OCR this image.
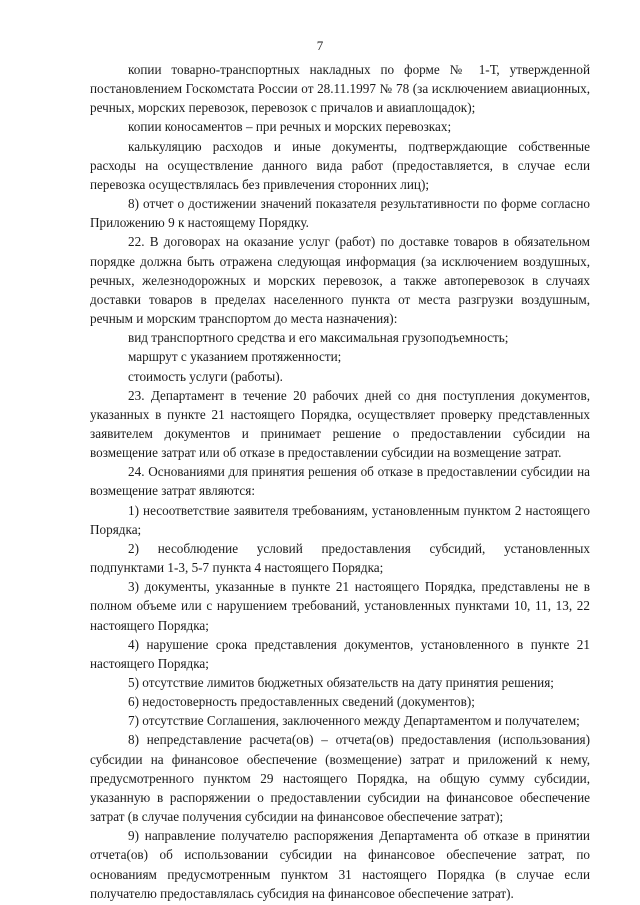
7

копии товарно-транспортных накладных по форме № 1-Т, утвержденной постановлением Госкомстата России от 28.11.1997 № 78 (за исключением авиационных, речных, морских перевозок, перевозок с причалов и авиаплощадок);

копии коносаментов – при речных и морских перевозках;

калькуляцию расходов и иные документы, подтверждающие собственные расходы на осуществление данного вида работ (предоставляется, в случае если перевозка осуществлялась без привлечения сторонних лиц);

8) отчет о достижении значений показателя результативности по форме согласно Приложению 9 к настоящему Порядку.

22. В договорах на оказание услуг (работ) по доставке товаров в обязательном порядке должна быть отражена следующая информация (за исключением воздушных, речных, железнодорожных и морских перевозок, а также автоперевозок в случаях доставки товаров в пределах населенного пункта от места разгрузки воздушным, речным и морским транспортом до места назначения):

вид транспортного средства и его максимальная грузоподъемность;

маршрут с указанием протяженности;

стоимость услуги (работы).

23. Департамент в течение 20 рабочих дней со дня поступления документов, указанных в пункте 21 настоящего Порядка, осуществляет проверку представленных заявителем документов и принимает решение о предоставлении субсидии на возмещение затрат или об отказе в предоставлении субсидии на возмещение затрат.

24. Основаниями для принятия решения об отказе в предоставлении субсидии на возмещение затрат являются:

1) несоответствие заявителя требованиям, установленным пунктом 2 настоящего Порядка;

2) несоблюдение условий предоставления субсидий, установленных подпунктами 1-3, 5-7 пункта 4 настоящего Порядка;

3) документы, указанные в пункте 21 настоящего Порядка, представлены не в полном объеме или с нарушением требований, установленных пунктами 10, 11, 13, 22 настоящего Порядка;

4) нарушение срока представления документов, установленного в пункте 21 настоящего Порядка;

5) отсутствие лимитов бюджетных обязательств на дату принятия решения;

6) недостоверность предоставленных сведений (документов);

7) отсутствие Соглашения, заключенного между Департаментом и получателем;

8) непредставление расчета(ов) – отчета(ов) предоставления (использования) субсидии на финансовое обеспечение (возмещение) затрат и приложений к нему, предусмотренного пунктом 29 настоящего Порядка, на общую сумму субсидии, указанную в распоряжении о предоставлении субсидии на финансовое обеспечение затрат (в случае получения субсидии на финансовое обеспечение затрат);

9) направление получателю распоряжения Департамента об отказе в принятии отчета(ов) об использовании субсидии на финансовое обеспечение затрат, по основаниям предусмотренным пунктом 31 настоящего Порядка (в случае если получателю предоставлялась субсидия на финансовое обеспечение затрат).
